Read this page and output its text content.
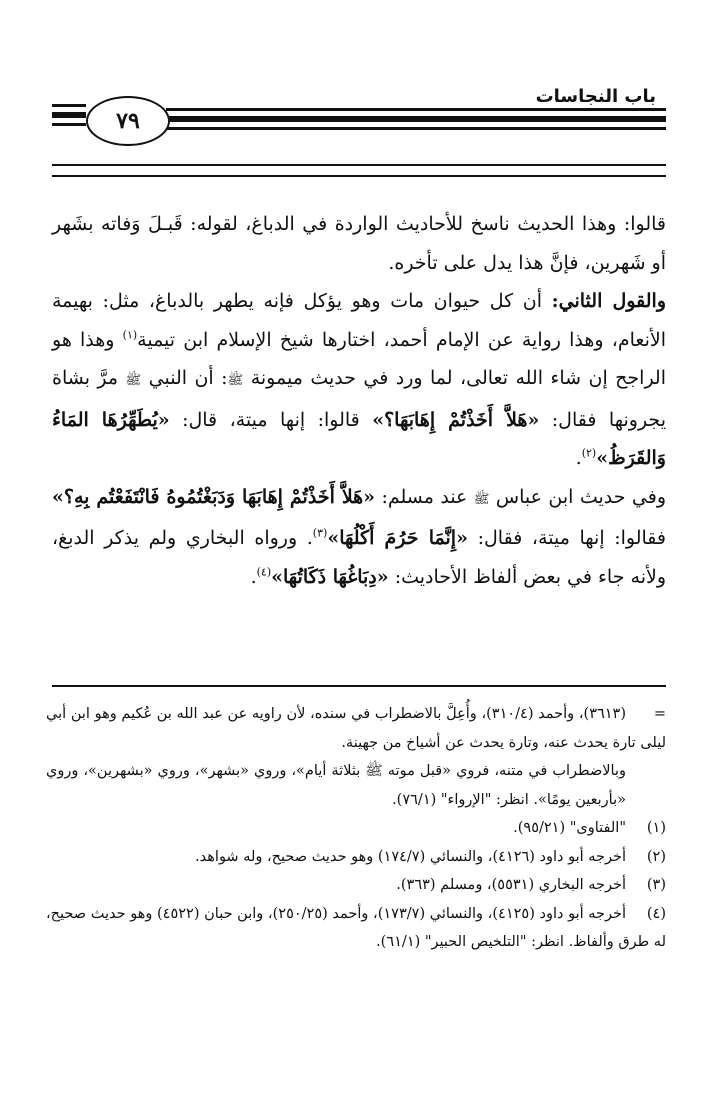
باب النجاسات
٧٩

قالوا: وهذا الحديث ناسخ للأحاديث الواردة في الدباغ، لقوله: قَبـلَ وَفاته بشَهر أو شَهرين، فإنَّ هذا يدل على تأخره.

والقول الثاني: أن كل حيوان مات وهو يؤكل فإنه يطهر بالدباغ، مثل: بهيمة الأنعام، وهذا رواية عن الإمام أحمد، اختارها شيخ الإسلام ابن تيمية$^{(١)}$ وهذا هو الراجح إن شاء الله تعالى، لما ورد في حديث ميمونة ﷺ: أن النبي ﷺ مرَّ بشاة يجرونها فقال: «هَلاَّ أَخَذْتُمْ إِهَابَهَا؟» قالوا: إنها ميتة، قال: «يُطَهِّرُهَا المَاءُ وَالقَرَظُ»$^{(٢)}$.

وفي حديث ابن عباس ﷺ عند مسلم: «هَلاَّ أَخَذْتُمْ إِهَابَهَا وَدَبَغْتُمُوهُ فَانْتَفَعْتُم بِهِ؟» فقالوا: إنها ميتة، فقال: «إِنَّمَا حَرُمَ أَكْلُهَا»$^{(٣)}$. ورواه البخاري ولم يذكر الدبغ، ولأنه جاء في بعض ألفاظ الأحاديث: «دِبَاغُهَا ذَكَاتُهَا»$^{(٤)}$.

=(٣٦١٣)، وأحمد (٣١٠/٤)، وأُعِلَّ بالاضطراب في سنده، لأن راويه عن عبد الله بن عُكيم وهو ابن أبي ليلى تارة يحدث عنه، وتارة يحدث عن أشياخ من جهينة.

وبالاضطراب في متنه، فروي «قبل موته ﷺ بثلاثة أيام»، وروي «بشهر»، وروي «بشهرين»، وروي «بأربعين يومًا». انظر: "الإرواء" (٧٦/١).

(١)"الفتاوى" (٩٥/٢١).

(٢)أخرجه أبو داود (٤١٢٦)، والنسائي (١٧٤/٧) وهو حديث صحيح، وله شواهد.

(٣)أخرجه البخاري (٥٥٣١)، ومسلم (٣٦٣).

(٤)أخرجه أبو داود (٤١٢٥)، والنسائي (١٧٣/٧)، وأحمد (٢٥٠/٢٥)، وابن حبان (٤٥٢٢) وهو حديث صحيح، له طرق وألفاظ. انظر: "التلخيص الحبير" (٦١/١).
